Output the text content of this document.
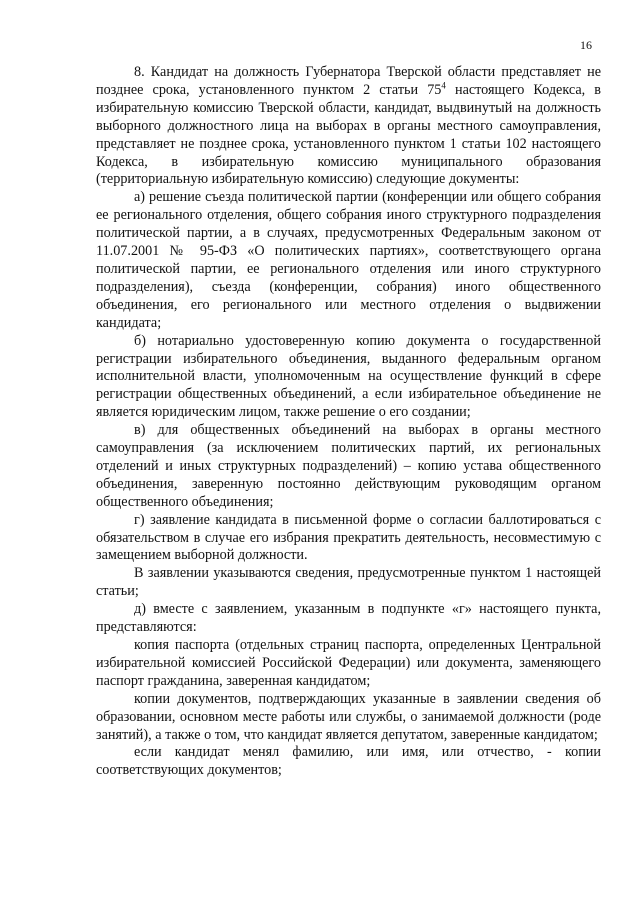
16

8. Кандидат на должность Губернатора Тверской области представляет не позднее срока, установленного пунктом 2 статьи $75^4$ настоящего Кодекса, в избирательную комиссию Тверской области, кандидат, выдвинутый на должность выборного должностного лица на выборах в органы местного самоуправления, представляет не позднее срока, установленного пунктом 1 статьи 102 настоящего Кодекса, в избирательную комиссию муниципального образования (территориальную избирательную комиссию) следующие документы:

а) решение съезда политической партии (конференции или общего собрания ее регионального отделения, общего собрания иного структурного подразделения политической партии, а в случаях, предусмотренных Федеральным законом от 11.07.2001 № 95-ФЗ «О политических партиях», соответствующего органа политической партии, ее регионального отделения или иного структурного подразделения), съезда (конференции, собрания) иного общественного объединения, его регионального или местного отделения о выдвижении кандидата;

б) нотариально удостоверенную копию документа о государственной регистрации избирательного объединения, выданного федеральным органом исполнительной власти, уполномоченным на осуществление функций в сфере регистрации общественных объединений, а если избирательное объединение не является юридическим лицом, также решение о его создании;

в) для общественных объединений на выборах в органы местного самоуправления (за исключением политических партий, их региональных отделений и иных структурных подразделений) – копию устава общественного объединения, заверенную постоянно действующим руководящим органом общественного объединения;

г) заявление кандидата в письменной форме о согласии баллотироваться с обязательством в случае его избрания прекратить деятельность, несовместимую с замещением выборной должности.

В заявлении указываются сведения, предусмотренные пунктом 1 настоящей статьи;

д) вместе с заявлением, указанным в подпункте «г» настоящего пункта, представляются:

копия паспорта (отдельных страниц паспорта, определенных Центральной избирательной комиссией Российской Федерации) или документа, заменяющего паспорт гражданина, заверенная кандидатом;

копии документов, подтверждающих указанные в заявлении сведения об образовании, основном месте работы или службы, о занимаемой должности (роде занятий), а также о том, что кандидат является депутатом, заверенные кандидатом;

если кандидат менял фамилию, или имя, или отчество, - копии соответствующих документов;
